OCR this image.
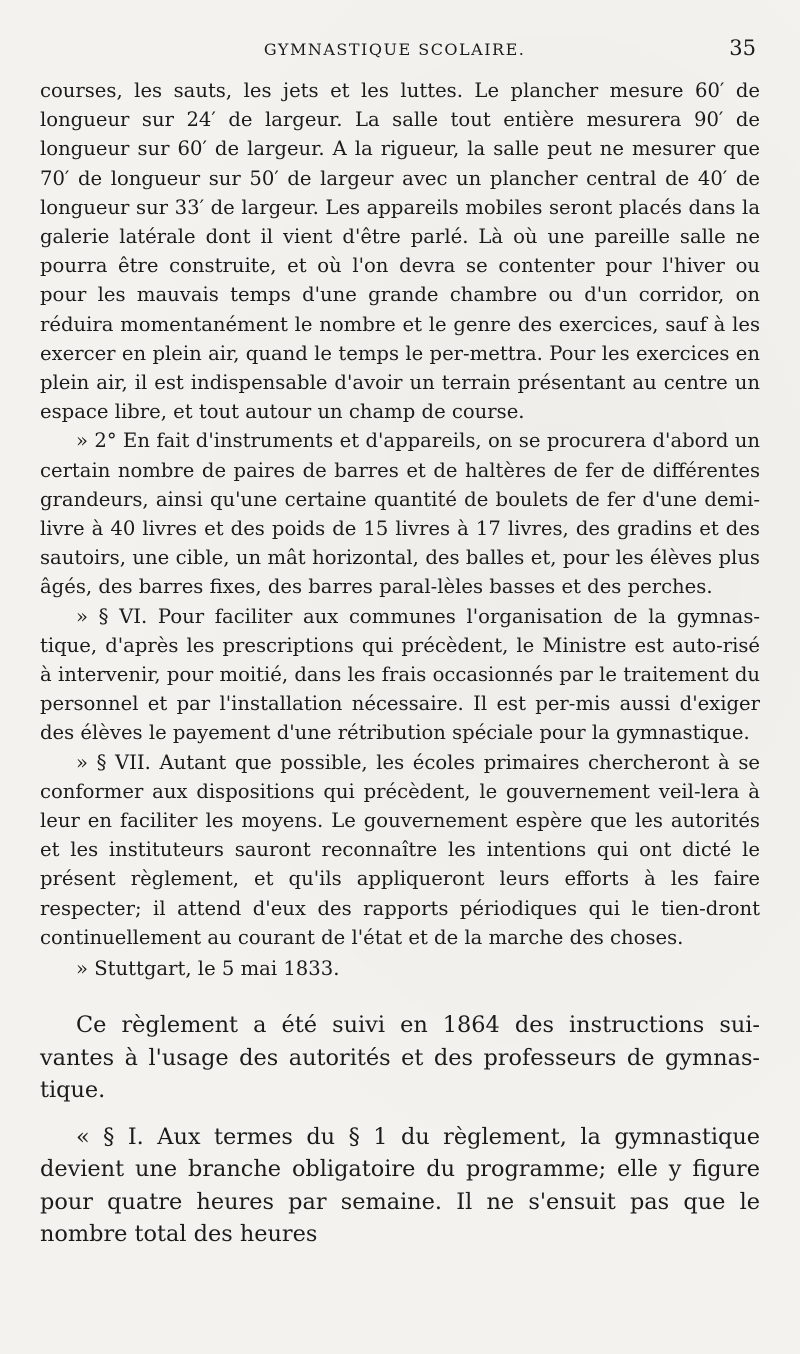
GYMNASTIQUE SCOLAIRE.	35

courses, les sauts, les jets et les luttes. Le plancher mesure 60′ de longueur sur 24′ de largeur. La salle tout entière mesurera 90′ de longueur sur 60′ de largeur. A la rigueur, la salle peut ne mesurer que 70′ de longueur sur 50′ de largeur avec un plancher central de 40′ de longueur sur 33′ de largeur. Les appareils mobiles seront placés dans la galerie latérale dont il vient d'être parlé. Là où une pareille salle ne pourra être construite, et où l'on devra se contenter pour l'hiver ou pour les mauvais temps d'une grande chambre ou d'un corridor, on réduira momentanément le nombre et le genre des exercices, sauf à les exercer en plein air, quand le temps le per-mettra. Pour les exercices en plein air, il est indispensable d'avoir un terrain présentant au centre un espace libre, et tout autour un champ de course.

» 2° En fait d'instruments et d'appareils, on se procurera d'abord un certain nombre de paires de barres et de haltères de fer de différentes grandeurs, ainsi qu'une certaine quantité de boulets de fer d'une demi-livre à 40 livres et des poids de 15 livres à 17 livres, des gradins et des sautoirs, une cible, un mât horizontal, des balles et, pour les élèves plus âgés, des barres fixes, des barres paral-lèles basses et des perches.

» § VI. Pour faciliter aux communes l'organisation de la gymnas-tique, d'après les prescriptions qui précèdent, le Ministre est auto-risé à intervenir, pour moitié, dans les frais occasionnés par le traitement du personnel et par l'installation nécessaire. Il est per-mis aussi d'exiger des élèves le payement d'une rétribution spéciale pour la gymnastique.

» § VII. Autant que possible, les écoles primaires chercheront à se conformer aux dispositions qui précèdent, le gouvernement veil-lera à leur en faciliter les moyens. Le gouvernement espère que les autorités et les instituteurs sauront reconnaître les intentions qui ont dicté le présent règlement, et qu'ils appliqueront leurs efforts à les faire respecter; il attend d'eux des rapports périodiques qui le tien-dront continuellement au courant de l'état et de la marche des choses.

» Stuttgart, le 5 mai 1833.

Ce règlement a été suivi en 1864 des instructions sui-vantes à l'usage des autorités et des professeurs de gymnas-tique.

« § I. Aux termes du § 1 du règlement, la gymnastique devient une branche obligatoire du programme; elle y figure pour quatre heures par semaine. Il ne s'ensuit pas que le nombre total des heures
